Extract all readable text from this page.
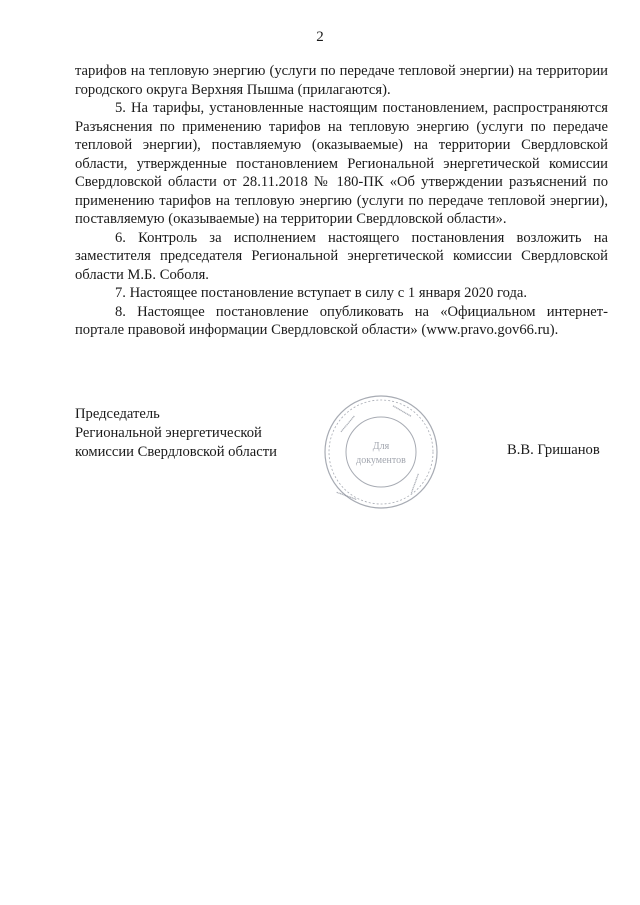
2

тарифов на тепловую энергию (услуги по передаче тепловой энергии) на территории городского округа Верхняя Пышма (прилагаются).

5. На тарифы, установленные настоящим постановлением, распространяются Разъяснения по применению тарифов на тепловую энергию (услуги по передаче тепловой энергии), поставляемую (оказываемые) на территории Свердловской области, утвержденные постановлением Региональной энергетической комиссии Свердловской области от 28.11.2018 № 180-ПК «Об утверждении разъяснений по применению тарифов на тепловую энергию (услуги по передаче тепловой энергии), поставляемую (оказываемые) на территории Свердловской области».

6. Контроль за исполнением настоящего постановления возложить на заместителя председателя Региональной энергетической комиссии Свердловской области М.Б. Соболя.

7. Настоящее постановление вступает в силу с 1 января 2020 года.

8. Настоящее постановление опубликовать на «Официальном интернет-портале правовой информации Свердловской области» (www.pravo.gov66.ru).

Председатель
Региональной энергетической
комиссии Свердловской области
▪▪▪▪▪▪▪▪▪▪▪▪
▪▪▪▪▪▪▪▪▪▪▪▪
▪▪▪▪▪▪▪▪▪▪▪▪
▪▪▪▪▪▪▪▪▪▪▪▪
Для
документов
В.В. Гришанов
